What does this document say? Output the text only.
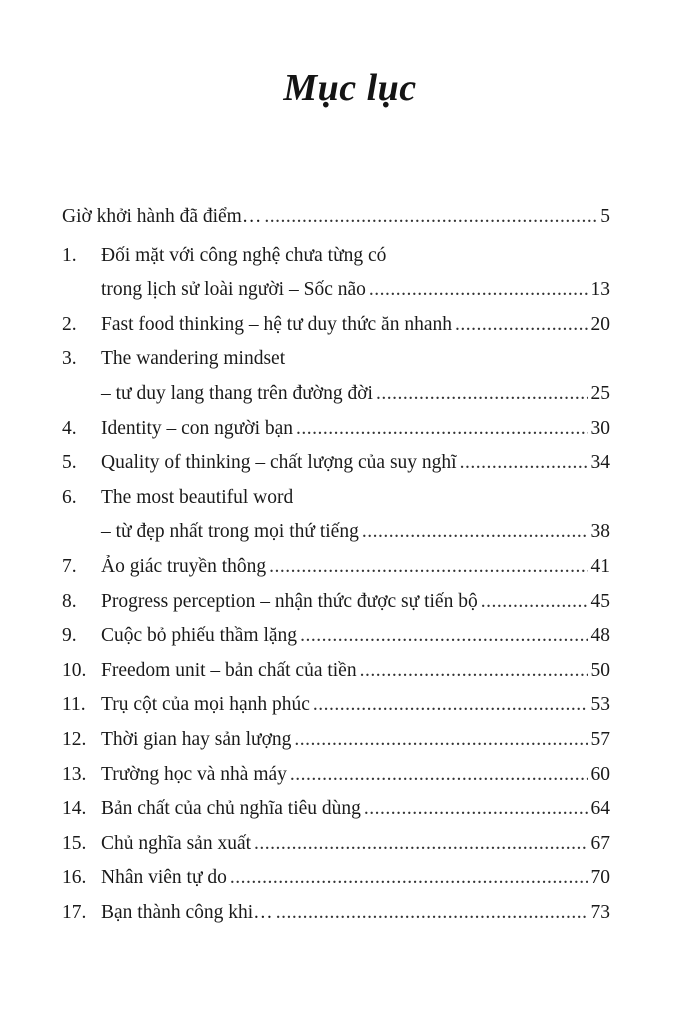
Mục lục
Giờ khởi hành đã điểm… .....	5
1.	Đối mặt với công nghệ chưa từng có
trong lịch sử loài người – Sốc não .....	13
2.	Fast food thinking – hệ tư duy thức ăn nhanh .....	20
3.	The wandering mindset
– tư duy lang thang trên đường đời .....	25
4.	Identity – con người bạn .....	30
5.	Quality of thinking – chất lượng của suy nghĩ .....	34
6.	The most beautiful word
– từ đẹp nhất trong mọi thứ tiếng .....	38
7.	Ảo giác truyền thông .....	41
8.	Progress perception – nhận thức được sự tiến bộ .....	45
9.	Cuộc bỏ phiếu thầm lặng .....	48
10. Freedom unit – bản chất của tiền .....	50
11. Trụ cột của mọi hạnh phúc .....	53
12. Thời gian hay sản lượng .....	57
13. Trường học và nhà máy .....	60
14. Bản chất của chủ nghĩa tiêu dùng .....	64
15. Chủ nghĩa sản xuất .....	67
16. Nhân viên tự do .....	70
17. Bạn thành công khi… .....	73
